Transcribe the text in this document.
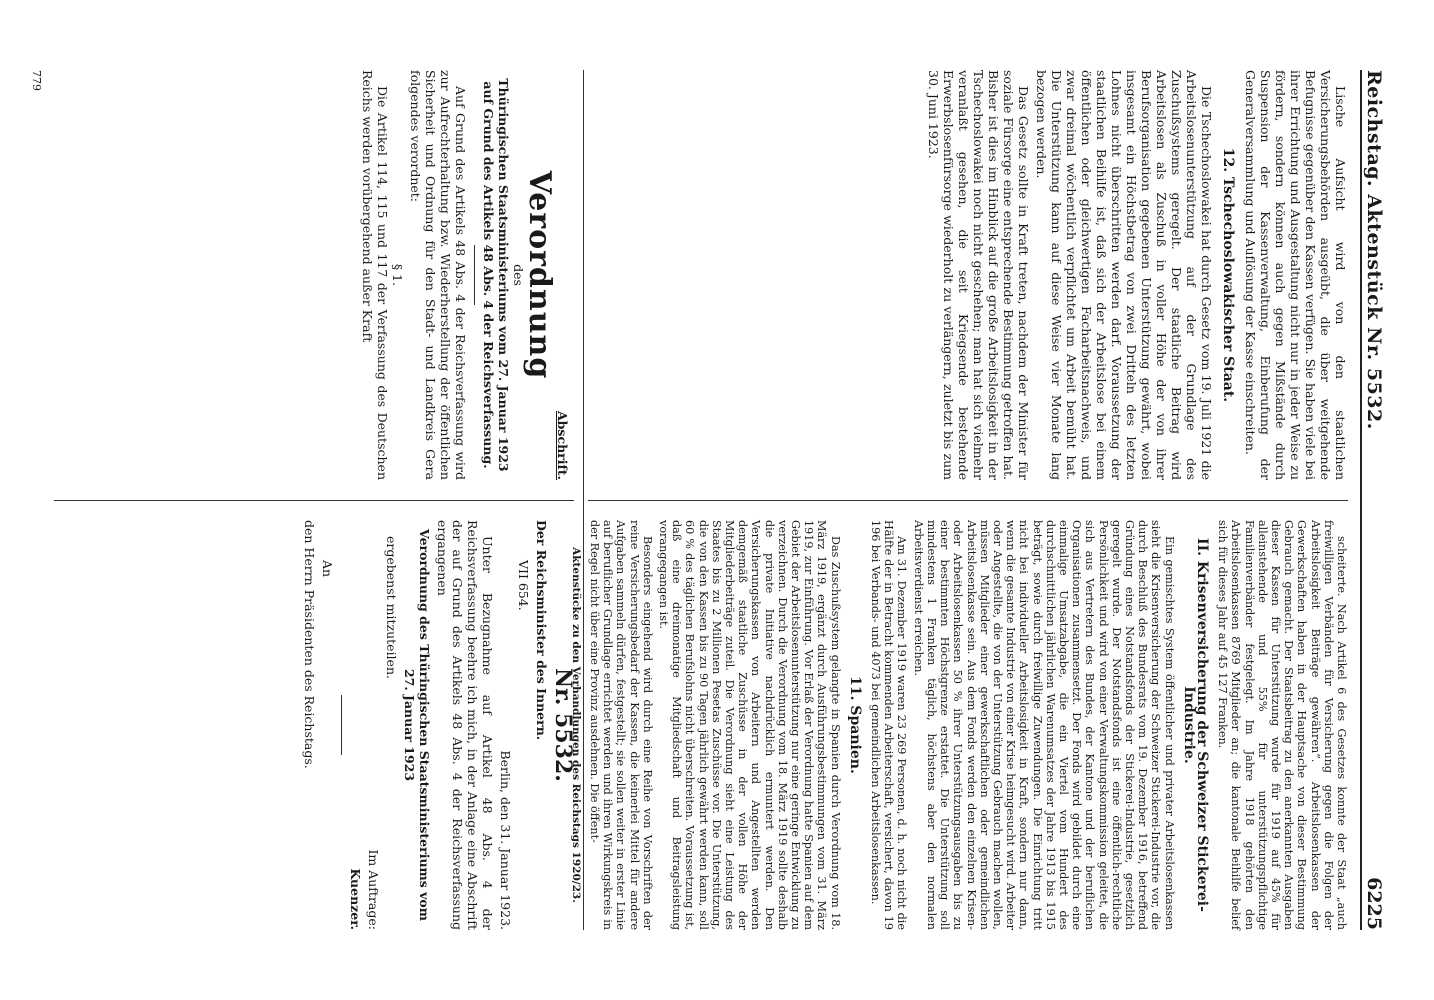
Reichstag. Aktenstück Nr. 5532.
6225

Lische Aufsicht wird von den staatlichen Versicherungsbehörden ausgeübt, die über weitgehende Befugnisse gegenüber den Kassen verfügen. Sie haben viele bei ihrer Errichtung und Ausgestaltung nicht nur in jeder Weise zu fördern, sondern können auch gegen Mißstände durch Suspension der Kassenverwaltung, Einberufung der Generalversammlung und Auflösung der Kasse einschreiten.

12. Tschechoslowakischer Staat.

Die Tschechoslowakei hat durch Gesetz vom 19. Juli 1921 die Arbeitslosenunterstützung auf der Grundlage des Zuschußsystems geregelt. Der staatliche Beitrag wird Arbeitslosen als Zuschuß in voller Höhe der von ihrer Berufsorganisation gegebenen Unterstützung gewährt, wobei insgesamt ein Höchstbetrag von zwei Dritteln des letzten Lohnes nicht überschritten werden darf. Voraussetzung der staatlichen Beihilfe ist, daß sich der Arbeitslose bei einem öffentlichen oder gleichwertigen Facharbeitsnachweis, und zwar dreimal wöchentlich verpflichtet um Arbeit bemüht hat. Die Unterstützung kann auf diese Weise vier Monate lang bezogen werden.

Das Gesetz sollte in Kraft treten, nachdem der Minister für soziale Fürsorge eine entsprechende Bestimmung getroffen hat. Bisher ist dies im Hinblick auf die große Arbeitslosigkeit in der Tschechoslowakei noch nicht geschehen; man hat sich vielmehr veranlaßt gesehen, die seit Kriegsende bestehende Erwerbslosenfürsorge wiederholt zu verlängern, zuletzt bis zum 30. Juni 1923.

scheiterte. Nach Artikel 6 des Gesetzes konnte der Staat „auch freiwilligen Verbänden für Versicherung gegen die Folgen der Arbeitslosigkeit Beiträge gewähren“. Arbeitslosenkassen der Gewerkschaften haben in der Hauptsache von dieser Bestimmung Gebrauch gemacht. Der Staatsbeitrag zu den anerkannten Ausgaben dieser Kassen für Unterstützung wurde für 1919 auf 45% für alleinstehende und 55% für unterstützungspflichtige Familienverbänder festgelegt. Im Jahre 1918 gehörten den Arbeitslosenkassen 8769 Mitglieder an; die kantonale Beihilfe belief sich für dieses Jahr auf 45 127 Franken.

II. Krisenversicherung der Schweizer Stickerei-Industrie.

Ein gemischtes System öffentlicher und privater Arbeitslosenkassen sieht die Krisenversicherung der Schweizer Stickerei-Industrie vor, die durch Beschluß des Bundesrats vom 19. Dezember 1916, betreffend Gründung eines Notstandsfonds der Stickerei-Industrie, gesetzlich geregelt wurde. Der Notstandsfonds ist eine öffentlich-rechtliche Persönlichkeit und wird von einer Verwaltungskommission geleitet, die sich aus Vertretern des Bundes, der Kantone und der beruflichen Organisationen zusammensetzt. Der Fonds wird gebildet durch eine einmalige Umsatzabgabe, die ein Viertel vom Hundert des durchschnittlichen jährlichen Warenumsatzes der Jahre 1913 bis 1915 beträgt, sowie durch freiwillige Zuwendungen. Die Einrichtung tritt nicht bei individueller Arbeitslosigkeit in Kraft, sondern nur dann, wenn die gesamte Industrie von einer Krise heimgesucht wird. Arbeiter oder Angestellte, die von der Unterstützung Gebrauch machen wollen, müssen Mitglieder einer gewerkschaftlichen oder gemeindlichen Arbeitslosenkasse sein. Aus dem Fonds werden den einzelnen Krisen- oder Arbeitslosenkassen 50 % ihrer Unterstützungsausgaben bis zu einer bestimmten Höchstgrenze erstattet. Die Unterstützung soll mindestens 1 Franken täglich, höchstens aber den normalen Arbeitsverdienst erreichen.

Am 31. Dezember 1919 waren 23 269 Personen, d. h. noch nicht die Hälfte der in Betracht kommenden Arbeiterschaft, versichert, davon 19 196 bei Verbands- und 4073 bei gemeindlichen Arbeitslosenkassen.

11. Spanien.

Das Zuschußsystem gelangte in Spanien durch Verordnung vom 18. März 1919, ergänzt durch Ausführungsbestimmungen vom 31. März 1919, zur Einführung. Vor Erlaß der Verordnung hatte Spanien auf dem Gebiet der Arbeitslosenunterstützung nur eine geringe Entwicklung zu verzeichnen. Durch die Verordnung vom 18. März 1919 sollte deshalb die private Initiative nachdrücklich ermuntert werden. Den Versicherungskassen von Arbeitern und Angestellten werden demgemäß staatliche Zuschüsse in der vollen Höhe der Mitgliederbeiträge zuteil. Die Verordnung sieht eine Leistung des Staates bis zu 2 Millionen Pesetas Zuschüsse vor. Die Unterstützung, die von den Kassen bis zu 90 Tagen jährlich gewährt werden kann, soll 60 % des täglichen Berufslohns nicht überschreiten. Voraussetzung ist, daß eine dreimonatige Mitgliedschaft und Beitragsleistung vorangegangen ist.

Besonders eingehend wird durch eine Reihe von Vorschriften der reine Versicherungsbedarf der Kassen, die keinerlei Mittel für andere Aufgaben sammeln dürfen, festgestellt; sie sollen weiter in erster Linie auf beruflicher Grundlage errichtet werden und ihren Wirkungskreis in der Regel nicht über eine Provinz ausdehnen. Die öffent-

Aktenstücke zu den Verhandlungen des Reichstags 1920/23.
Abschrift.
Verordnung
des

Thüringischen Staatsministeriums vom 27. Januar 1923 auf Grund des Artikels 48 Abs. 4 der Reichsverfassung.

Auf Grund des Artikels 48 Abs. 4 der Reichsverfassung wird zur Aufrechterhaltung bzw. Wiederherstellung der öffentlichen Sicherheit und Ordnung für den Stadt- und Landkreis Gera folgendes verordnet:

§ 1.

Die Artikel 114, 115 und 117 der Verfassung des Deutschen Reichs werden vorübergehend außer Kraft

Nr. 5532.

Der Reichsminister des Innern.

VII 654.

Berlin, den 31. Januar 1923.

Unter Bezugnahme auf Artikel 48 Abs. 4 der Reichsverfassung beehre ich mich, in der Anlage eine Abschrift der auf Grund des Artikels 48 Abs. 4 der Reichsverfassung ergangenen

Verordnung des Thüringischen Staatsministeriums vom 27. Januar 1923

ergebenst mitzuteilen.

Im Auftrage:

Kuenzer.

An

den Herrn Präsidenten des Reichstags.

779
